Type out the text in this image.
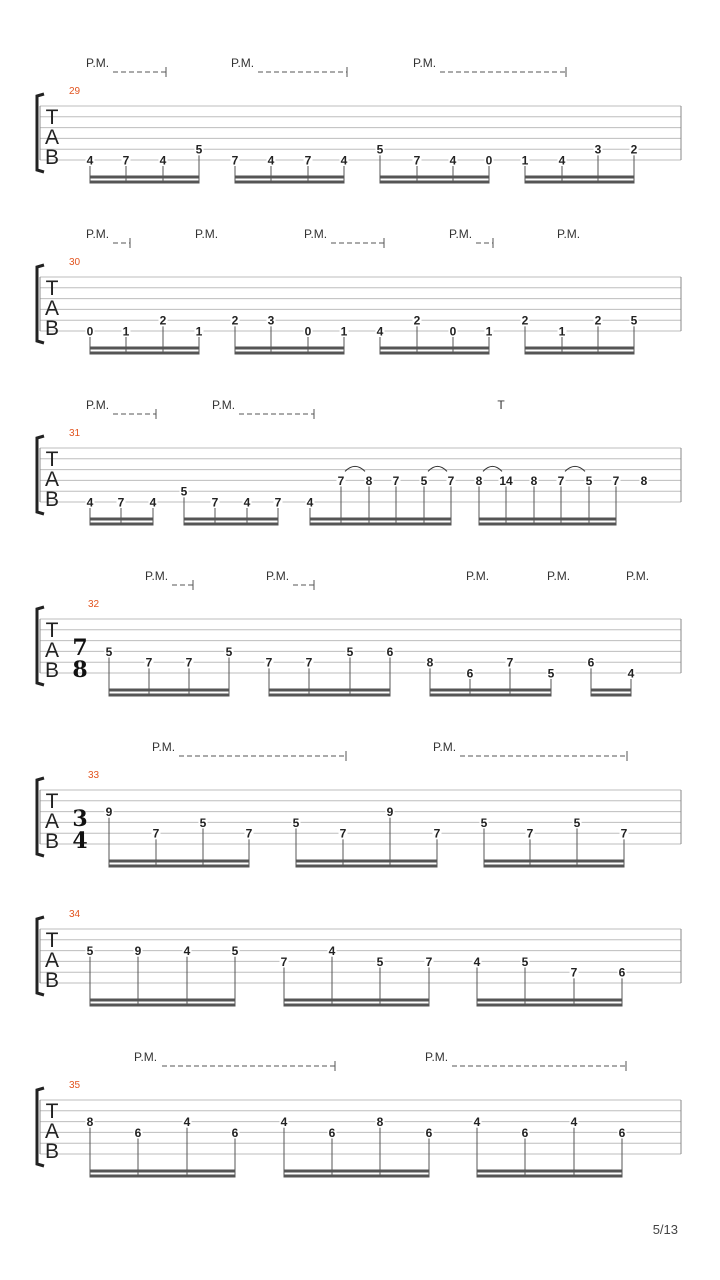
T
A
B
29
P.M.	P.M.	P.M.
4 7	4
5
7 4	7 4
5
7 4 0 1	4
3 2
T
A
B
30
P.M.	P.M.	P.M.	P.M.	P.M.
0 1
2
1
2 3
0 1 4
2
0 1
2
1
2 5
T
A
B
31
P.M.	P.M.	T
4 7 4
5
7 4 7 4
7 8 7 5 7 8 14 8 7 5 7 8
T
A
B
32
7
8
P.M.	P.M.	P.M.	P.M.	P.M.
5
7	7
5
7	7
5	6
8
6
7
5
6
4
T
A
B
33
3
4
P.M.	P.M.
9
7
5
7
5
7
9
7
5
7
5
7
T
A
B
34
5	9	4	5
7
4
5	7	4	5
7	6
T
A
B
35
P.M.	P.M.
8
6
4
6
4
6
8
6
4
6
4
6
5/13
